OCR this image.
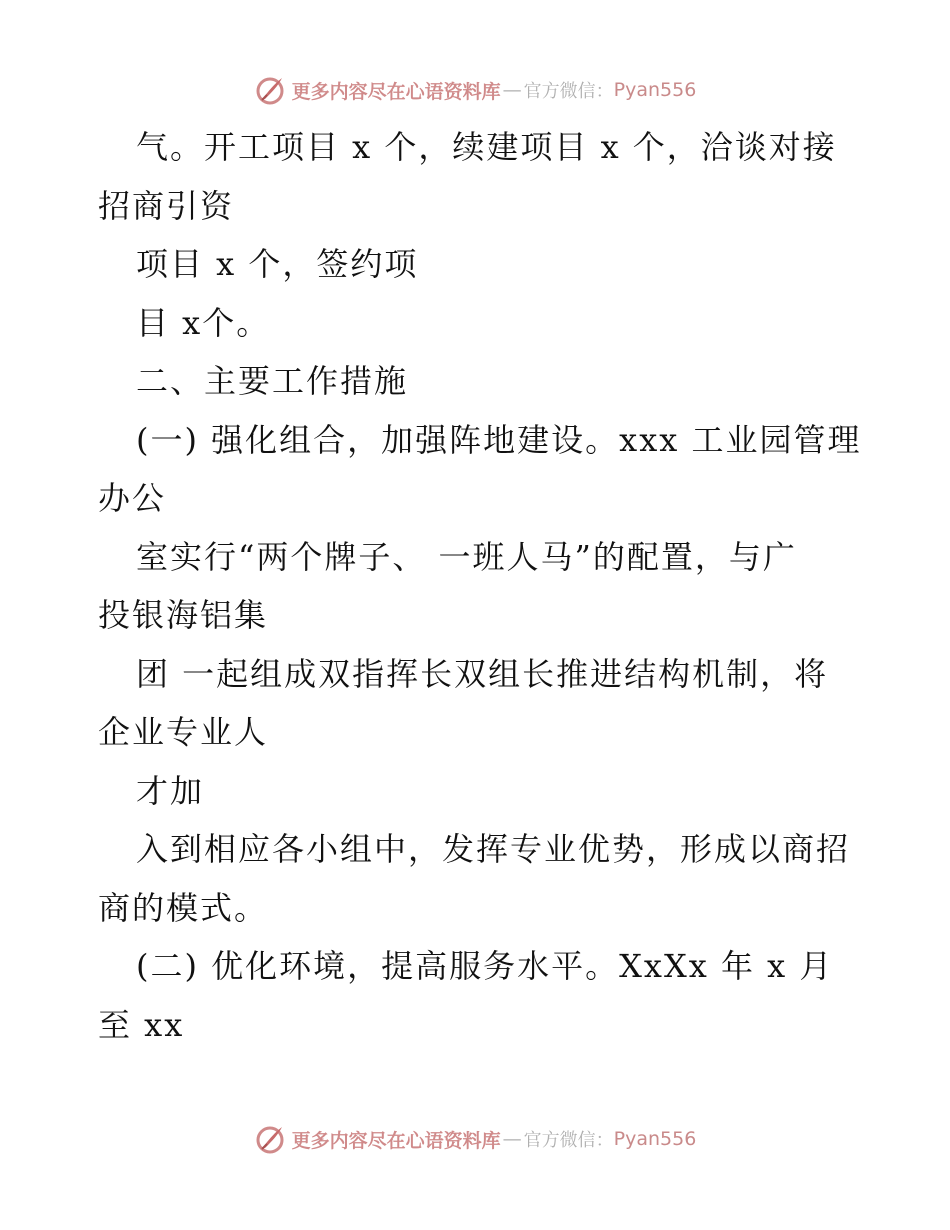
更多内容尽在心语资料库 — 官方微信： Pyan556
气。开工项目 x 个，续建项目 x 个，洽谈对接
招商引资
项目 x 个，签约项
目 x个。
二、主要工作措施
(一) 强化组合，加强阵地建设。xxx 工业园管理
办公
室实行“两个牌子、 一班人马”的配置，与广
投银海铝集
团 一起组成双指挥长双组长推进结构机制，将
企业专业人
才加
入到相应各小组中，发挥专业优势，形成以商招
商的模式。
(二) 优化环境，提高服务水平。XxXx 年 x 月
至 xx
更多内容尽在心语资料库 — 官方微信： Pyan556
